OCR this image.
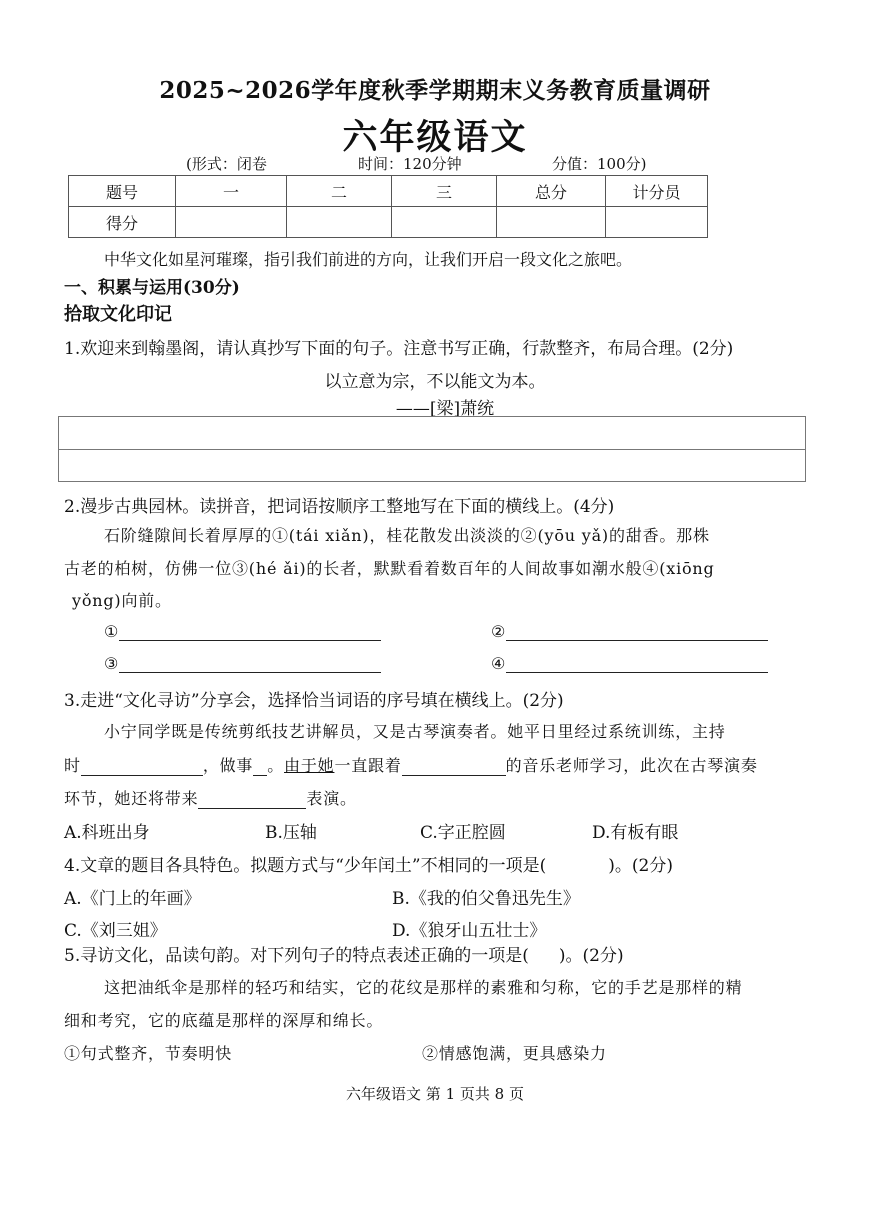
2025~2026学年度秋季学期期末义务教育质量调研
六年级语文
(形式：闭卷	时间：120分钟	分值：100分)
题号	一	二	三	总分	计分员
得分					
中华文化如星河璀璨，指引我们前进的方向，让我们开启一段文化之旅吧。
一、积累与运用(30分)
拾取文化印记
1.欢迎来到翰墨阁，请认真抄写下面的句子。注意书写正确，行款整齐，布局合理。(2分)
以立意为宗，不以能文为本。
——[梁]萧统
2.漫步古典园林。读拼音，把词语按顺序工整地写在下面的横线上。(4分)
石阶缝隙间长着厚厚的①(tái xiǎn)，桂花散发出淡淡的②(yōu yǎ)的甜香。那株
古老的柏树，仿佛一位③(hé ǎi)的长者，默默看着数百年的人间故事如潮水般④(xiōng
yǒng)向前。
①	②
③	④
3.走进“文化寻访”分享会，选择恰当词语的序号填在横线上。(2分)
小宁同学既是传统剪纸技艺讲解员，又是古琴演奏者。她平日里经过系统训练，主持
时	，做事 。由于她一直跟着	的音乐老师学习，此次在古琴演奏
环节，她还将带来	表演。
A.科班出身	B.压轴	C.字正腔圆	D.有板有眼
4.文章的题目各具特色。拟题方式与“少年闰土”不相同的一项是(	)。(2分)
A.《门上的年画》	B.《我的伯父鲁迅先生》
C.《刘三姐》	D.《狼牙山五壮士》
5.寻访文化，品读句韵。对下列句子的特点表述正确的一项是( )。(2分)
这把油纸伞是那样的轻巧和结实，它的花纹是那样的素雅和匀称，它的手艺是那样的精
细和考究，它的底蕴是那样的深厚和绵长。
①句式整齐，节奏明快	②情感饱满，更具感染力
六年级语文 第 1 页共 8 页
